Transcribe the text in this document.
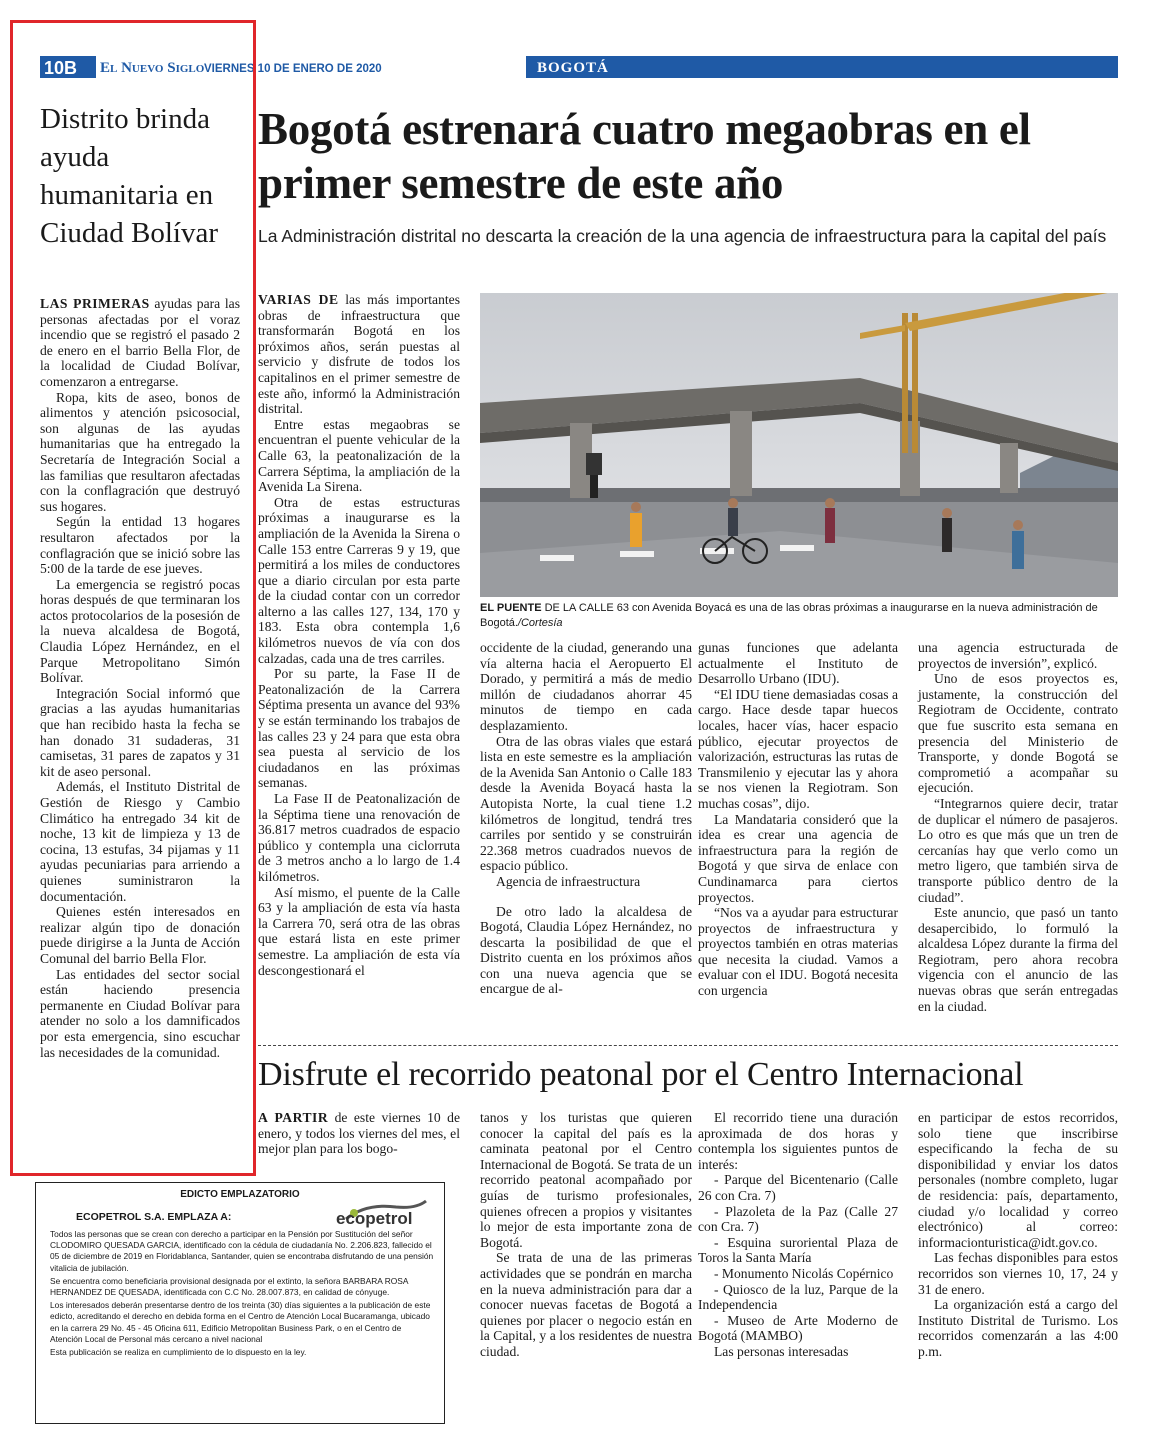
10B	El Nuevo Siglo VIERNES 10 DE ENERO DE 2020	BOGOTÁ
Distrito brinda ayuda humanitaria en Ciudad Bolívar

LAS PRIMERAS ayudas para las personas afectadas por el voraz incendio que se registró el pasado 2 de enero en el barrio Bella Flor, de la localidad de Ciudad Bolívar, comenzaron a entregarse.

Ropa, kits de aseo, bonos de alimentos y atención psicosocial, son algunas de las ayudas humanitarias que ha entregado la Secretaría de Integración Social a las familias que resultaron afectadas con la conflagración que destruyó sus hogares.

Según la entidad 13 hogares resultaron afectados por la conflagración que se inició sobre las 5:00 de la tarde de ese jueves.

La emergencia se registró pocas horas después de que terminaran los actos protocolarios de la posesión de la nueva alcaldesa de Bogotá, Claudia López Hernández, en el Parque Metropolitano Simón Bolívar.

Integración Social informó que gracias a las ayudas humanitarias que han recibido hasta la fecha se han donado 31 sudaderas, 31 camisetas, 31 pares de zapatos y 31 kit de aseo personal.

Además, el Instituto Distrital de Gestión de Riesgo y Cambio Climático ha entregado 34 kit de noche, 13 kit de limpieza y 13 de cocina, 13 estufas, 34 pijamas y 11 ayudas pecuniarias para arriendo a quienes suministraron la documentación.

Quienes estén interesados en realizar algún tipo de donación puede dirigirse a la Junta de Acción Comunal del barrio Bella Flor.

Las entidades del sector social están haciendo presencia permanente en Ciudad Bolívar para atender no solo a los damnificados por esta emergencia, sino escuchar las necesidades de la comunidad.

Bogotá estrenará cuatro megaobras en el primer semestre de este año
La Administración distrital no descarta la creación de la una agencia de infraestructura para la capital del país
EL PUENTE DE LA CALLE 63 con Avenida Boyacá es una de las obras próximas a inaugurarse en la nueva administración de Bogotá./Cortesía

VARIAS DE las más importantes obras de infraestructura que transformarán Bogotá en los próximos años, serán puestas al servicio y disfrute de todos los capitalinos en el primer semestre de este año, informó la Administración distrital.

Entre estas megaobras se encuentran el puente vehicular de la Calle 63, la peatonalización de la Carrera Séptima, la ampliación de la Avenida La Sirena.

Otra de estas estructuras próximas a inaugurarse es la ampliación de la Avenida la Sirena o Calle 153 entre Carreras 9 y 19, que permitirá a los miles de conductores que a diario circulan por esta parte de la ciudad contar con un corredor alterno a las calles 127, 134, 170 y 183. Esta obra contempla 1,6 kilómetros nuevos de vía con dos calzadas, cada una de tres carriles.

Por su parte, la Fase II de Peatonalización de la Carrera Séptima presenta un avance del 93% y se están terminando los trabajos de las calles 23 y 24 para que esta obra sea puesta al servicio de los ciudadanos en las próximas semanas.

La Fase II de Peatonalización de la Séptima tiene una renovación de 36.817 metros cuadrados de espacio público y contempla una ciclorruta de 3 metros ancho a lo largo de 1.4 kilómetros.

Así mismo, el puente de la Calle 63 y la ampliación de esta vía hasta la Carrera 70, será otra de las obras que estará lista en este primer semestre. La ampliación de esta vía descongestionará el

occidente de la ciudad, generando una vía alterna hacia el Aeropuerto El Dorado, y permitirá a más de medio millón de ciudadanos ahorrar 45 minutos de tiempo en cada desplazamiento.

Otra de las obras viales que estará lista en este semestre es la ampliación de la Avenida San Antonio o Calle 183 desde la Avenida Boyacá hasta la Autopista Norte, la cual tiene 1.2 kilómetros de longitud, tendrá tres carriles por sentido y se construirán 22.368 metros cuadrados nuevos de espacio público.

Agencia de infraestructura

De otro lado la alcaldesa de Bogotá, Claudia López Hernández, no descarta la posibilidad de que el Distrito cuenta en los próximos años con una nueva agencia que se encargue de al-

gunas funciones que adelanta actualmente el Instituto de Desarrollo Urbano (IDU).

“El IDU tiene demasiadas cosas a cargo. Hace desde tapar huecos locales, hacer vías, hacer espacio público, ejecutar proyectos de valorización, estructuras las rutas de Transmilenio y ejecutar las y ahora se nos vienen la Regiotram. Son muchas cosas”, dijo.

La Mandataria consideró que la idea es crear una agencia de infraestructura para la región de Bogotá y que sirva de enlace con Cundinamarca para ciertos proyectos.

“Nos va a ayudar para estructurar proyectos de infraestructura y proyectos también en otras materias que necesita la ciudad. Vamos a evaluar con el IDU. Bogotá necesita con urgencia

una agencia estructurada de proyectos de inversión”, explicó.

Uno de esos proyectos es, justamente, la construcción del Regiotram de Occidente, contrato que fue suscrito esta semana en presencia del Ministerio de Transporte, y donde Bogotá se comprometió a acompañar su ejecución.

“Integrarnos quiere decir, tratar de duplicar el número de pasajeros. Lo otro es que más que un tren de cercanías hay que verlo como un metro ligero, que también sirva de transporte público dentro de la ciudad”.

Este anuncio, que pasó un tanto desapercibido, lo formuló la alcaldesa López durante la firma del Regiotram, pero ahora recobra vigencia con el anuncio de las nuevas obras que serán entregadas en la ciudad.

Disfrute el recorrido peatonal por el Centro Internacional

A PARTIR de este viernes 10 de enero, y todos los viernes del mes, el mejor plan para los bogo-

tanos y los turistas que quieren conocer la capital del país es la caminata peatonal por el Centro Internacional de Bogotá. Se trata de un recorrido peatonal acompañado por guías de turismo profesionales, quienes ofrecen a propios y visitantes lo mejor de esta importante zona de Bogotá.

Se trata de una de las primeras actividades que se pondrán en marcha en la nueva administración para dar a conocer nuevas facetas de Bogotá a quienes por placer o negocio están en la Capital, y a los residentes de nuestra ciudad.

El recorrido tiene una duración aproximada de dos horas y contempla los siguientes puntos de interés:

- Parque del Bicentenario (Calle 26 con Cra. 7)

- Plazoleta de la Paz (Calle 27 con Cra. 7)

- Esquina suroriental Plaza de Toros la Santa María

- Monumento Nicolás Copérnico

- Quiosco de la luz, Parque de la Independencia

- Museo de Arte Moderno de Bogotá (MAMBO)

Las personas interesadas

en participar de estos recorridos, solo tiene que inscribirse especificando la fecha de su disponibilidad y enviar los datos personales (nombre completo, lugar de residencia: país, departamento, ciudad y/o localidad y correo electrónico) al correo: informacionturistica@idt.gov.co.

Las fechas disponibles para estos recorridos son viernes 10, 17, 24 y 31 de enero.

La organización está a cargo del Instituto Distrital de Turismo. Los recorridos comenzarán a las 4:00 p.m.

EDICTO EMPLAZATORIO
ECOPETROL S.A. EMPLAZA A:	ecopetrol

Todos las personas que se crean con derecho a participar en la Pensión por Sustitución del señor CLODOMIRO QUESADA GARCIA, identificado con la cédula de ciudadanía No. 2.206.823, fallecido el 05 de diciembre de 2019 en Floridablanca, Santander, quien se encontraba disfrutando de una pensión vitalicia de jubilación.

Se encuentra como beneficiaria provisional designada por el extinto, la señora BARBARA ROSA HERNANDEZ DE QUESADA, identificada con C.C No. 28.007.873, en calidad de cónyuge.

Los interesados deberán presentarse dentro de los treinta (30) días siguientes a la publicación de este edicto, acreditando el derecho en debida forma en el Centro de Atención Local Bucaramanga, ubicado en la carrera 29 No. 45 - 45 Oficina 611, Edificio Metropolitan Business Park, o en el Centro de Atención Local de Personal más cercano a nivel nacional

Esta publicación se realiza en cumplimiento de lo dispuesto en la ley.
